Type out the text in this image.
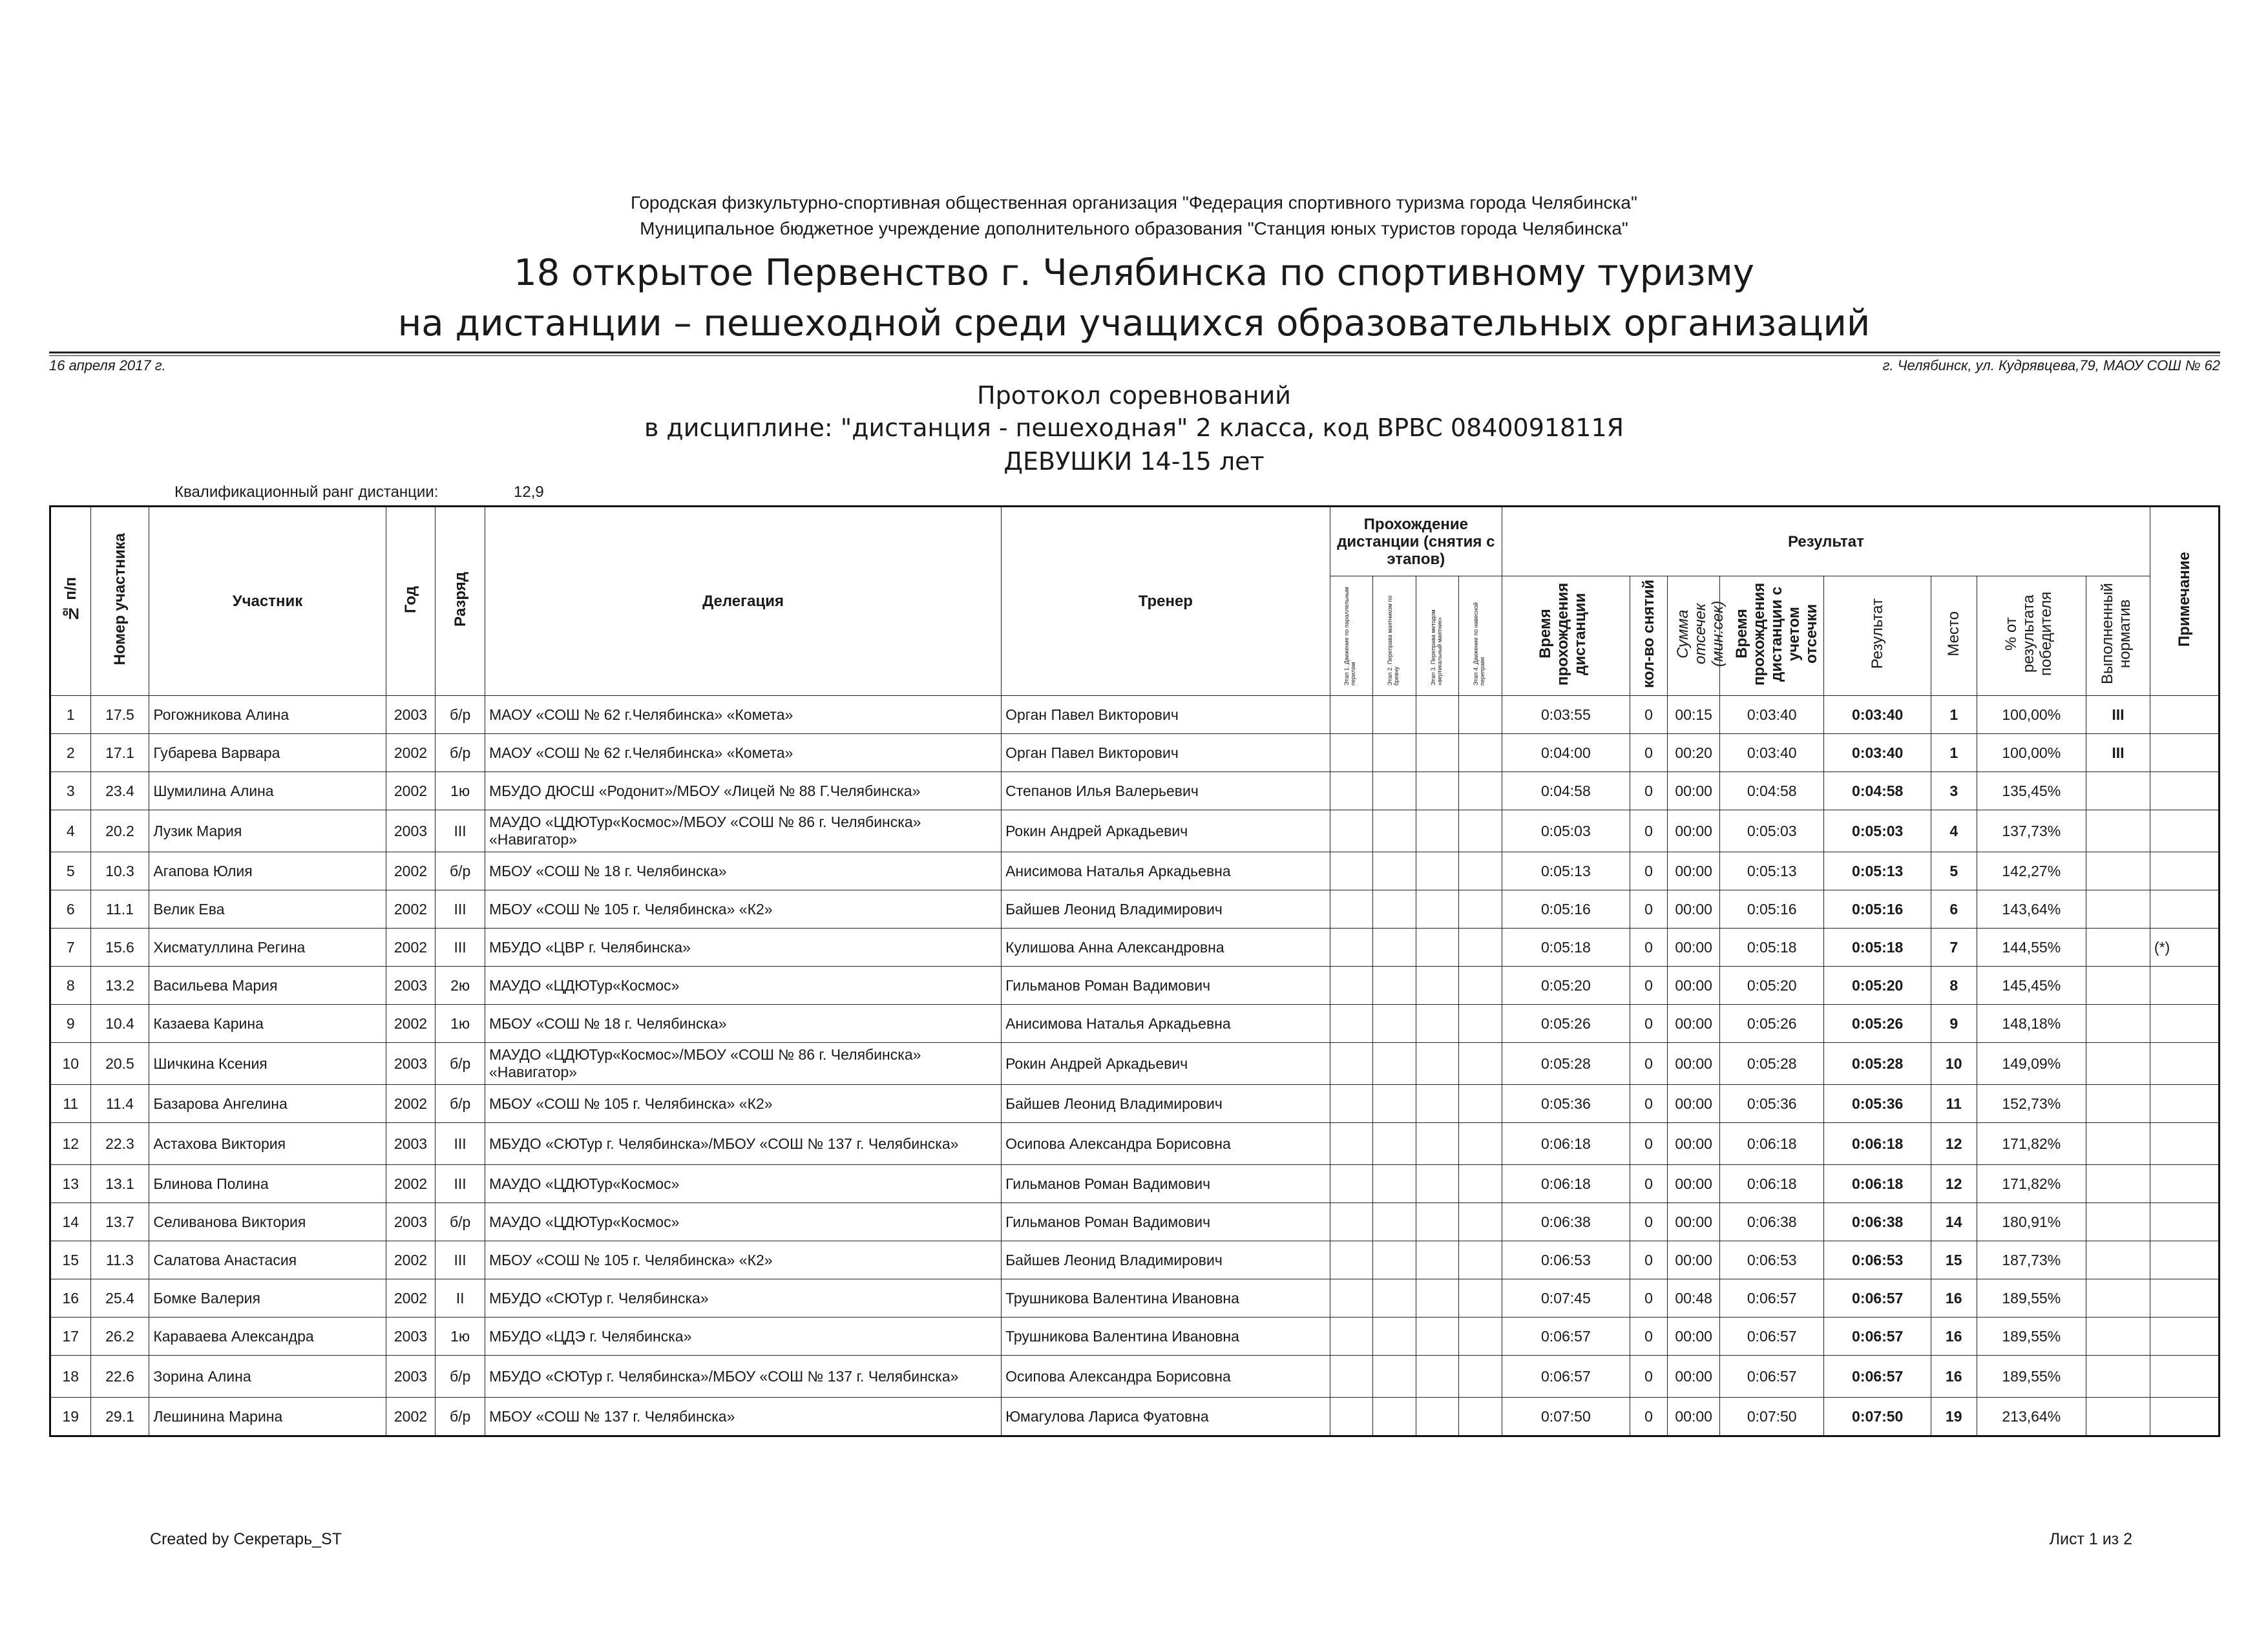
Городская физкультурно-спортивная общественная организация "Федерация спортивного туризма города Челябинска"
Муниципальное бюджетное учреждение дополнительного образования "Станция юных туристов города Челябинска"
18 открытое Первенство г. Челябинска по спортивному туризму
на дистанции – пешеходной среди учащихся образовательных организаций
16 апреля 2017 г.	г. Челябинск, ул. Кудрявцева,79, МАОУ СОШ № 62
Протокол соревнований
в дисциплине: "дистанция - пешеходная" 2 класса, код ВРВС 0840091811Я
ДЕВУШКИ 14-15 лет
Квалификационный ранг дистанции:	12,9
№ п/п	Номер участника	Участник	Год	Разряд	Делегация	Тренер	Прохождение дистанции (снятия с этапов)				Результат								Примечание
							Этап 1. Движение по параллельным перилам	Этап 2. Переправа маятником по бревну	Этап 3. Переправа методом «вертикальный маятник»	Этап 4. Движение по навесной переправе	Время прохождения дистанции	кол-во снятий	Сумма отсечек (мин:сек)	Время прохождения дистанции с учетом отсечки	Результат	Место	% от результата победителя	Выполненный норматив	
1	17.5	Рогожникова Алина	2003	б/р	МАОУ «СОШ № 62 г.Челябинска» «Комета»	Орган Павел Викторович					0:03:55	0	00:15	0:03:40	0:03:40	1	100,00%	III	
2	17.1	Губарева Варвара	2002	б/р	МАОУ «СОШ № 62 г.Челябинска» «Комета»	Орган Павел Викторович					0:04:00	0	00:20	0:03:40	0:03:40	1	100,00%	III	
3	23.4	Шумилина Алина	2002	1ю	МБУДО ДЮСШ «Родонит»/МБОУ «Лицей № 88 Г.Челябинска»	Степанов Илья Валерьевич					0:04:58	0	00:00	0:04:58	0:04:58	3	135,45%		
4	20.2	Лузик Мария	2003	III	МАУДО «ЦДЮТур«Космос»/МБОУ «СОШ № 86 г. Челябинска» «Навигатор»	Рокин Андрей Аркадьевич					0:05:03	0	00:00	0:05:03	0:05:03	4	137,73%		
5	10.3	Агапова Юлия	2002	б/р	МБОУ «СОШ № 18 г. Челябинска»	Анисимова Наталья Аркадьевна					0:05:13	0	00:00	0:05:13	0:05:13	5	142,27%		
6	11.1	Велик Ева	2002	III	МБОУ «СОШ № 105 г. Челябинска» «К2»	Байшев Леонид Владимирович					0:05:16	0	00:00	0:05:16	0:05:16	6	143,64%		
7	15.6	Хисматуллина Регина	2002	III	МБУДО «ЦВР г. Челябинска»	Кулишова Анна Александровна					0:05:18	0	00:00	0:05:18	0:05:18	7	144,55%		(*)
8	13.2	Васильева Мария	2003	2ю	МАУДО «ЦДЮТур«Космос»	Гильманов Роман Вадимович					0:05:20	0	00:00	0:05:20	0:05:20	8	145,45%		
9	10.4	Казаева Карина	2002	1ю	МБОУ «СОШ № 18 г. Челябинска»	Анисимова Наталья Аркадьевна					0:05:26	0	00:00	0:05:26	0:05:26	9	148,18%		
10	20.5	Шичкина Ксения	2003	б/р	МАУДО «ЦДЮТур«Космос»/МБОУ «СОШ № 86 г. Челябинска» «Навигатор»	Рокин Андрей Аркадьевич					0:05:28	0	00:00	0:05:28	0:05:28	10	149,09%		
11	11.4	Базарова Ангелина	2002	б/р	МБОУ «СОШ № 105 г. Челябинска» «К2»	Байшев Леонид Владимирович					0:05:36	0	00:00	0:05:36	0:05:36	11	152,73%		
12	22.3	Астахова Виктория	2003	III	МБУДО «СЮТур г. Челябинска»/МБОУ «СОШ № 137 г. Челябинска»	Осипова Александра Борисовна					0:06:18	0	00:00	0:06:18	0:06:18	12	171,82%		
13	13.1	Блинова Полина	2002	III	МАУДО «ЦДЮТур«Космос»	Гильманов Роман Вадимович					0:06:18	0	00:00	0:06:18	0:06:18	12	171,82%		
14	13.7	Селиванова Виктория	2003	б/р	МАУДО «ЦДЮТур«Космос»	Гильманов Роман Вадимович					0:06:38	0	00:00	0:06:38	0:06:38	14	180,91%		
15	11.3	Салатова Анастасия	2002	III	МБОУ «СОШ № 105 г. Челябинска» «К2»	Байшев Леонид Владимирович					0:06:53	0	00:00	0:06:53	0:06:53	15	187,73%		
16	25.4	Бомке Валерия	2002	II	МБУДО «СЮТур г. Челябинска»	Трушникова Валентина Ивановна					0:07:45	0	00:48	0:06:57	0:06:57	16	189,55%		
17	26.2	Караваева Александра	2003	1ю	МБУДО «ЦДЭ г. Челябинска»	Трушникова Валентина Ивановна					0:06:57	0	00:00	0:06:57	0:06:57	16	189,55%		
18	22.6	Зорина Алина	2003	б/р	МБУДО «СЮТур г. Челябинска»/МБОУ «СОШ № 137 г. Челябинска»	Осипова Александра Борисовна					0:06:57	0	00:00	0:06:57	0:06:57	16	189,55%		
19	29.1	Лешинина Марина	2002	б/р	МБОУ «СОШ № 137 г. Челябинска»	Юмагулова Лариса Фуатовна					0:07:50	0	00:00	0:07:50	0:07:50	19	213,64%		
Created by Секретарь_ST	Лист 1 из 2
